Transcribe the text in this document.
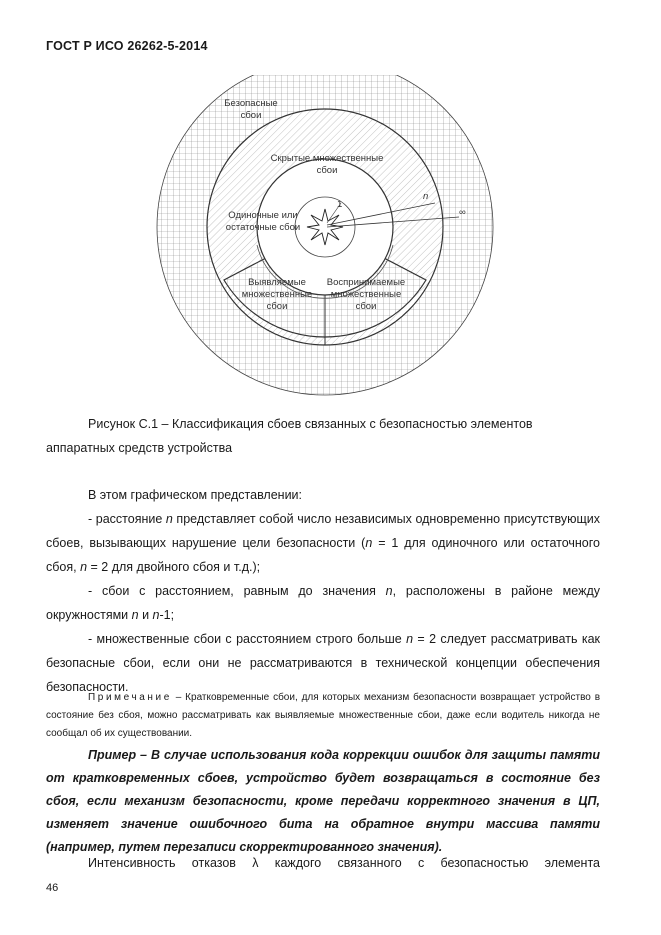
ГОСТ Р ИСО 26262-5-2014
Безопасные
сбои
Скрытые множественные
сбои
Одиночные или
остаточные сбои
Выявляемые
множественные
сбои
Воспринимаемые
множественные
сбои
n
∞
1
Рисунок С.1 – Классификация сбоев связанных с безопасностью элементов аппаратных средств устройства
В этом графическом представлении:
- расстояние n представляет собой число независимых одновременно присутствующих сбоев, вызывающих нарушение цели безопасности (n = 1 для одиночного или остаточного сбоя, n = 2 для двойного сбоя и т.д.);
- сбои с расстоянием, равным до значения n, расположены в районе между окружностями n и n-1;
- множественные сбои с расстоянием строго больше n = 2 следует рассматривать как безопасные сбои, если они не рассматриваются в технической концепции обеспечения безопасности.
Примечание – Кратковременные сбои, для которых механизм безопасности возвращает устройство в состояние без сбоя, можно рассматривать как выявляемые множественные сбои, даже если водитель никогда не сообщал об их существовании.
Пример – В случае использования кода коррекции ошибок для защиты памяти от кратковременных сбоев, устройство будет возвращаться в состояние без сбоя, если механизм безопасности, кроме передачи корректного значения в ЦП, изменяет значение ошибочного бита на обратное внутри массива памяти (например, путем перезаписи скорректированного значения).
Интенсивность отказов λ каждого связанного с безопасностью элемента
46
